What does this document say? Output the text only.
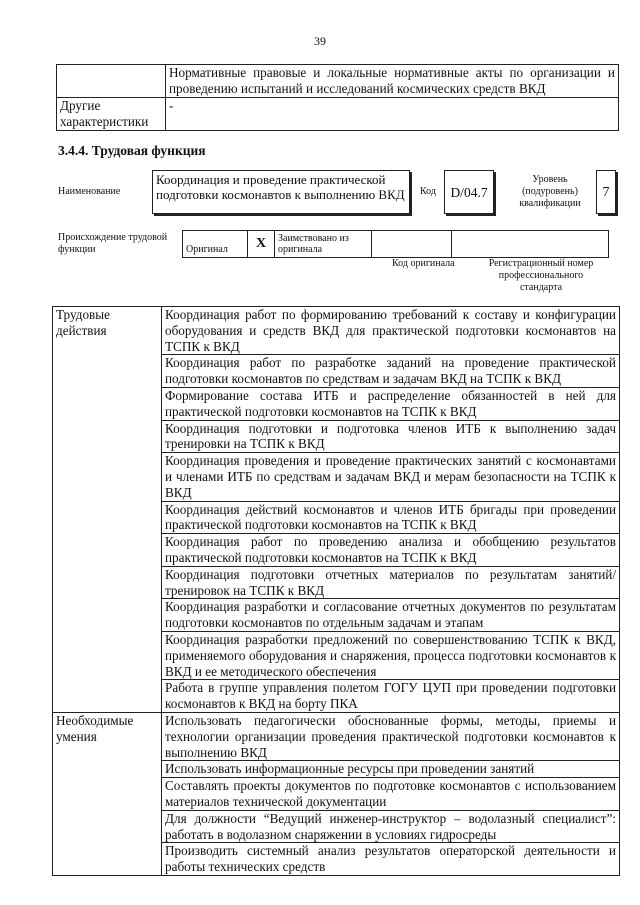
39
	Нормативные правовые и локальные нормативные акты по организации и проведению испытаний и исследований космических средств ВКД
Другие характеристики	-
3.4.4. Трудовая функция
Наименование
Координация и проведение практической подготовки космонавтов к выполнению ВКД	Код	D/04.7
Уровень (подуровень) квалификации
7
Происхождение трудовой функции	Оригинал	X	Заимствовано из оригинала		
Код оригинала	Регистрационный номер профессионального стандарта
Трудовые действия	Координация работ по формированию требований к составу и конфигурации оборудования и средств ВКД для практической подготовки космонавтов на ТСПК к ВКД
	Координация работ по разработке заданий на проведение практической подготовки космонавтов по средствам и задачам ВКД на ТСПК к ВКД
	Формирование состава ИТБ и распределение обязанностей в ней для практической подготовки космонавтов на ТСПК к ВКД
	Координация подготовки и подготовка членов ИТБ к выполнению задач тренировки на ТСПК к ВКД
	Координация проведения и проведение практических занятий с космонавтами и членами ИТБ по средствам и задачам ВКД и мерам безопасности на ТСПК к ВКД
	Координация действий космонавтов и членов ИТБ бригады при проведении практической подготовки космонавтов на ТСПК к ВКД
	Координация работ по проведению анализа и обобщению результатов практической подготовки космонавтов на ТСПК к ВКД
	Координация подготовки отчетных материалов по результатам занятий/тренировок на ТСПК к ВКД
	Координация разработки и согласование отчетных документов по результатам подготовки космонавтов по отдельным задачам и этапам
	Координация разработки предложений по совершенствованию ТСПК к ВКД, применяемого оборудования и снаряжения, процесса подготовки космонавтов к ВКД и ее методического обеспечения
	Работа в группе управления полетом ГОГУ ЦУП при проведении подготовки космонавтов к ВКД на борту ПКА
Необходимые умения	Использовать педагогически обоснованные формы, методы, приемы и технологии организации проведения практической подготовки космонавтов к выполнению ВКД
	Использовать информационные ресурсы при проведении занятий
	Составлять проекты документов по подготовке космонавтов с использованием материалов технической документации
	Для должности “Ведущий инженер-инструктор – водолазный специалист”: работать в водолазном снаряжении в условиях гидросреды
	Производить системный анализ результатов операторской деятельности и работы технических средств
